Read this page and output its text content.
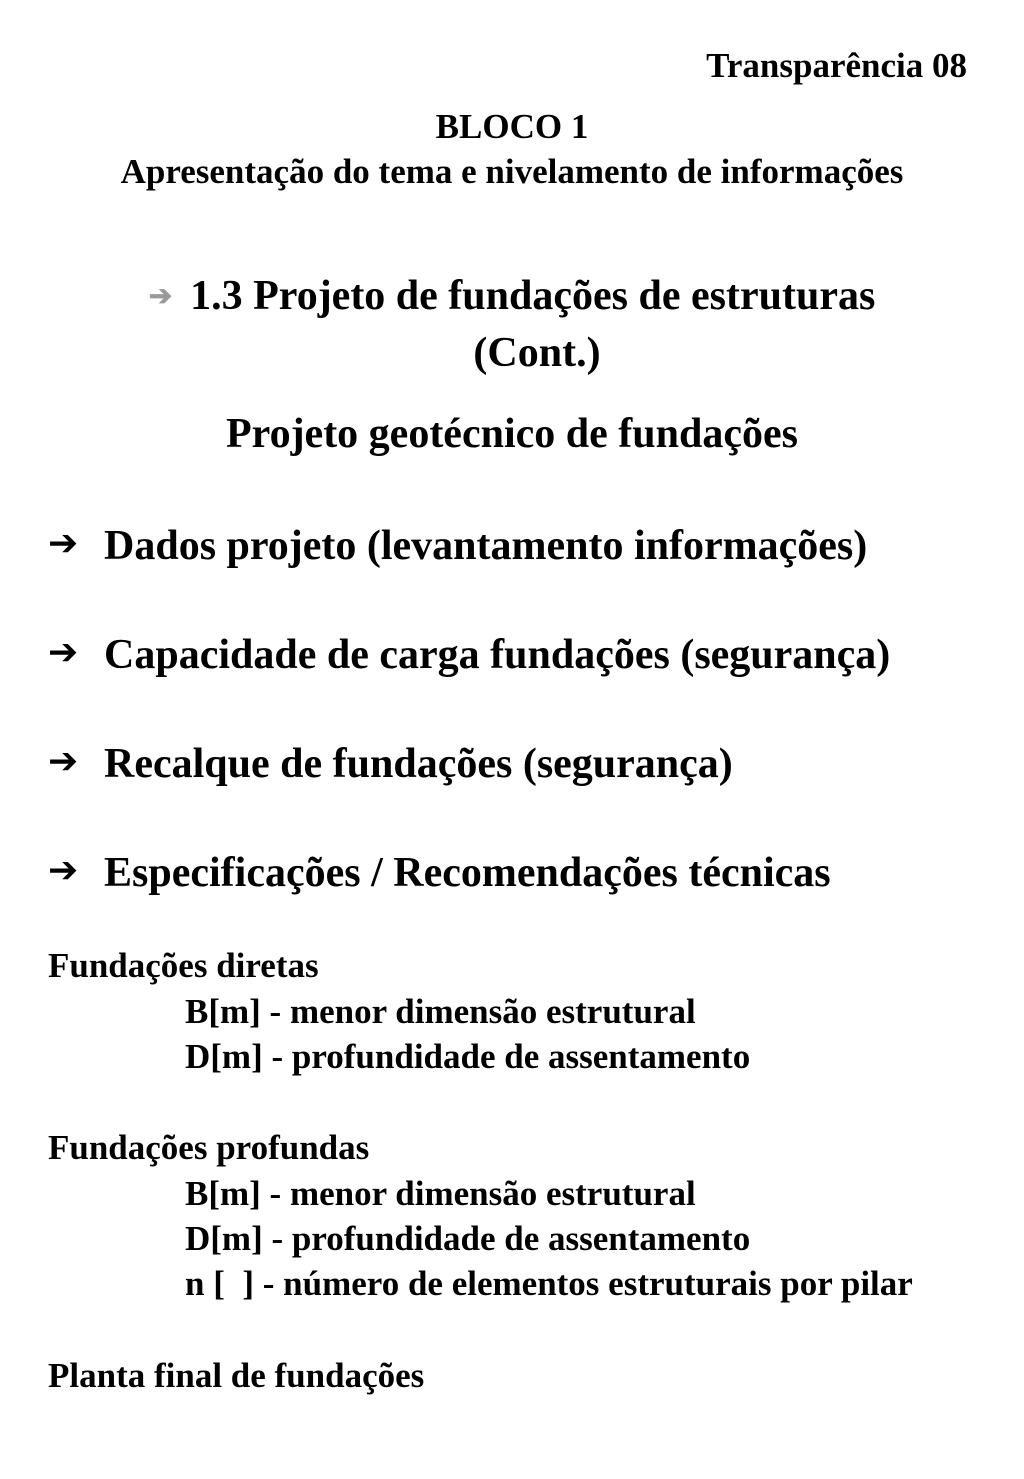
Transparência 08
BLOCO 1
Apresentação do tema e nivelamento de informações
➔ 1.3 Projeto de fundações de estruturas
(Cont.)
Projeto geotécnico de fundações
➔ Dados projeto (levantamento informações)
➔ Capacidade de carga fundações (segurança)
➔ Recalque de fundações (segurança)
➔ Especificações / Recomendações técnicas
Fundações diretas
B[m] - menor dimensão estrutural
D[m] - profundidade de assentamento
Fundações profundas
B[m] - menor dimensão estrutural
D[m] - profundidade de assentamento
n [  ] - número de elementos estruturais por pilar
Planta final de fundações
